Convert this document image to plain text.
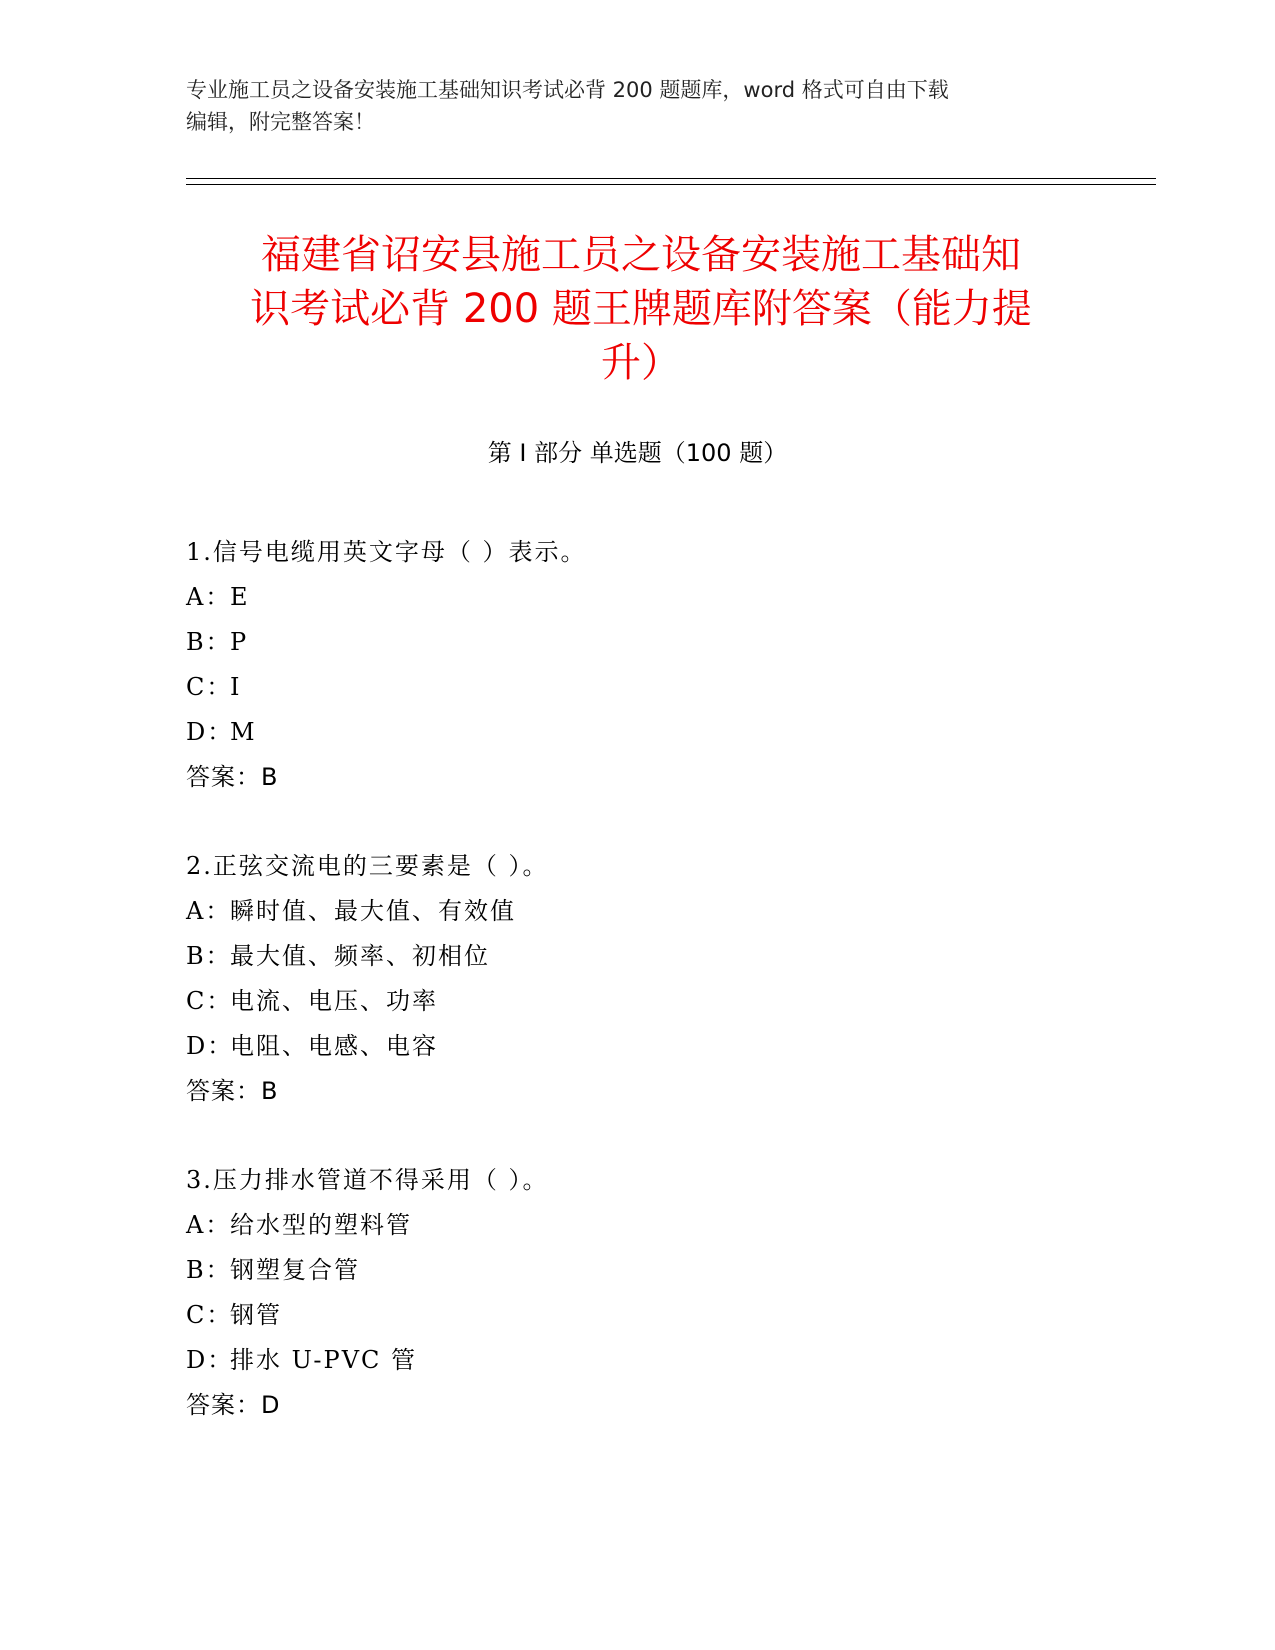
专业施工员之设备安装施工基础知识考试必背 200 题题库，word 格式可自由下载
编辑，附完整答案！
福建省诏安县施工员之设备安装施工基础知
识考试必背 200 题王牌题库附答案（能力提
升）
第 I 部分 单选题（100 题）
1.信号电缆用英文字母（ ）表示。
A：E
B：P
C：I
D：M
答案：B
2.正弦交流电的三要素是（ ）。
A：瞬时值、最大值、有效值
B：最大值、频率、初相位
C：电流、电压、功率
D：电阻、电感、电容
答案：B
3.压力排水管道不得采用（ ）。
A：给水型的塑料管
B：钢塑复合管
C：钢管
D：排水 U-PVC 管
答案：D
